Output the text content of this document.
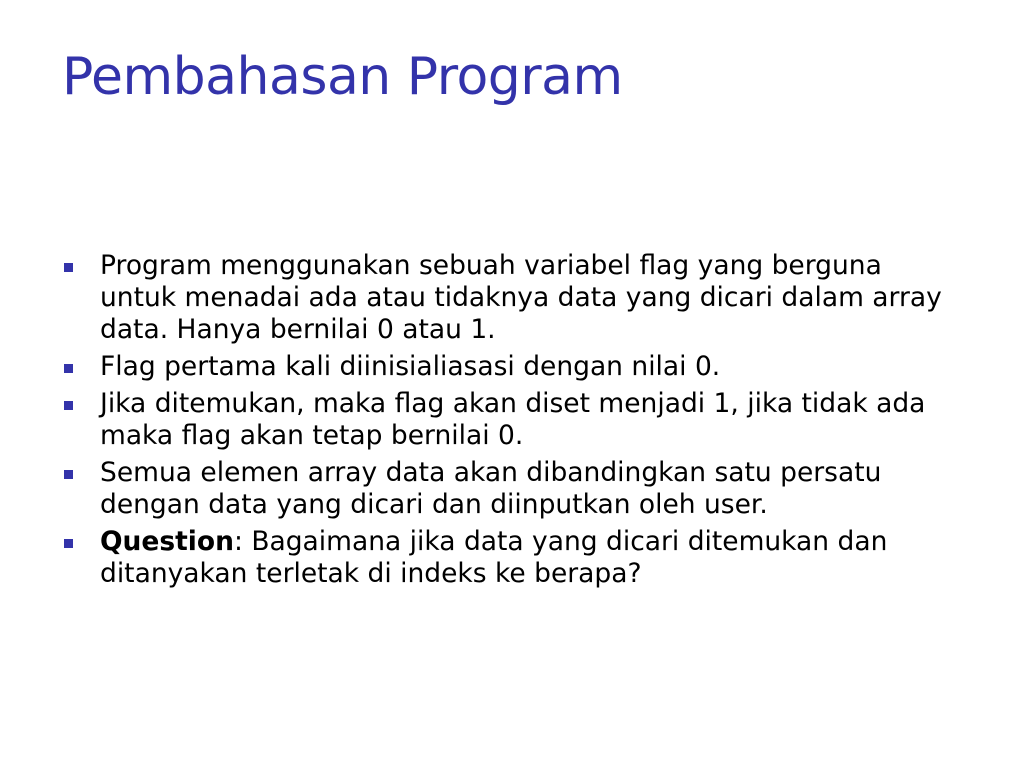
Pembahasan Program
Program menggunakan sebuah variabel flag yang berguna untuk menadai ada atau tidaknya data yang dicari dalam array data. Hanya bernilai 0 atau 1.
Flag pertama kali diinisialiasasi dengan nilai 0.
Jika ditemukan, maka flag akan diset menjadi 1, jika tidak ada maka flag akan tetap bernilai 0.
Semua elemen array data akan dibandingkan satu persatu dengan data yang dicari dan diinputkan oleh user.
Question: Bagaimana jika data yang dicari ditemukan dan ditanyakan terletak di indeks ke berapa?
